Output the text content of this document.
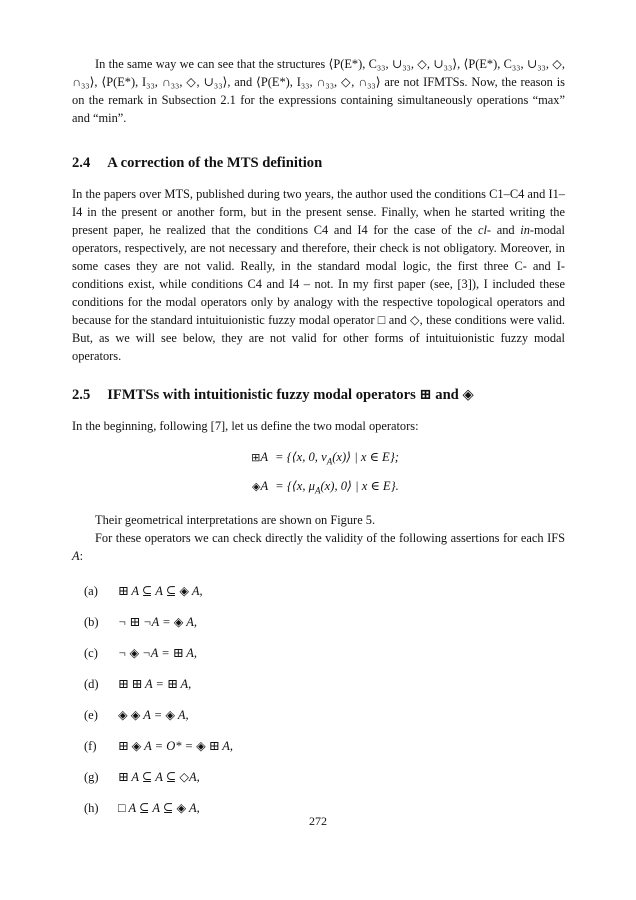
In the same way we can see that the structures ⟨P(E*), C₃₃, ∪₃₃, ◇, ∪₃₃⟩, ⟨P(E*), C₃₃, ∪₃₃, ◇, ∩₃₃⟩, ⟨P(E*), I₃₃, ∩₃₃, ◇, ∪₃₃⟩, and ⟨P(E*), I₃₃, ∩₃₃, ◇, ∩₃₃⟩ are not IFMTSs. Now, the reason is on the remark in Subsection 2.1 for the expressions containing simultaneously operations “max” and “min”.

2.4 A correction of the MTS definition

In the papers over MTS, published during two years, the author used the conditions C1–C4 and I1–I4 in the present or another form, but in the present sense. Finally, when he started writing the present paper, he realized that the conditions C4 and I4 for the case of the cl- and in-modal operators, respectively, are not necessary and therefore, their check is not obligatory. Moreover, in some cases they are not valid. Really, in the standard modal logic, the first three C- and I-conditions exist, while conditions C4 and I4 – not. In my first paper (see, [3]), I included these conditions for the modal operators only by analogy with the respective topological operators and because for the standard intuituionistic fuzzy modal operator □ and ◇, these conditions were valid. But, as we will see below, they are not valid for other forms of intuituionistic fuzzy modal operators.

2.5 IFMTSs with intuitionistic fuzzy modal operators ⊞ and ◈

In the beginning, following [7], let us define the two modal operators:

⊞A = {⟨x, 0, $\nu_A(x)⟩$ | x ∈ E};
◈A = {⟨x, $\mu_A(x)$, 0⟩ | x ∈ E}.

Their geometrical interpretations are shown on Figure 5.

For these operators we can check directly the validity of the following assertions for each IFS A:

(a)	⊞ A ⊆ A ⊆ ◈ A,
(b)	¬ ⊞ ¬A = ◈ A,
(c)	¬ ◈ ¬A = ⊞ A,
(d)	⊞ ⊞ A = ⊞ A,
(e)	◈ ◈ A = ◈ A,
(f)	⊞ ◈ A = O* = ◈ ⊞ A,
(g)	⊞ A ⊆ A ⊆ ◇A,
(h)	□ A ⊆ A ⊆ ◈ A,
272
